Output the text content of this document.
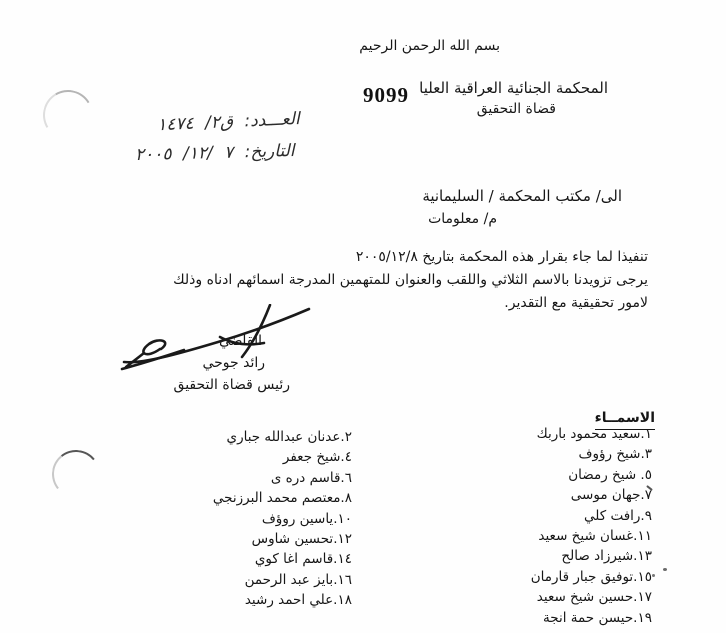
بسم الله الرحمن الرحيم
المحكمة الجنائية العراقية العليا
قضاة التحقيق
9099
العـــدد: ق٢/ ١٤٧٤
التاريخ: ٧ /١٢/ ٢٠٠٥
الى/ مكتب المحكمة / السليمانية
م/ معلومات
تنفيذا لما جاء بقرار هذه المحكمة بتاريخ ٢٠٠٥/١٢/٨
يرجى تزويدنا بالاسم الثلاثي واللقب والعنوان للمتهمين المدرجة اسمائهم ادناه وذلك
لامور تحقيقية مع التقدير.
القاضي
رائد جوحي
رئيس قضاة التحقيق
الاسمــاء
١.سعيد محمود باربك
٣.شيخ رؤوف
٥. شيخ رمضان
٧.جهان موسى
٩.رافت كلي
١١.غسان شيخ سعيد
١٣.شيرزاد صالح
١٥.توفيق جبار قارمان
١٧.حسين شيخ سعيد
١٩.حيسن حمة انجة
٢.عدنان عبدالله جباري
٤.شيخ جعفر
٦.قاسم دره ى
٨.معتصم محمد البرزنجي
١٠.ياسين روؤف
١٢.تحسين شاوس
١٤.قاسم اغا كوي
١٦.بايز عبد الرحمن
١٨.علي احمد رشيد
